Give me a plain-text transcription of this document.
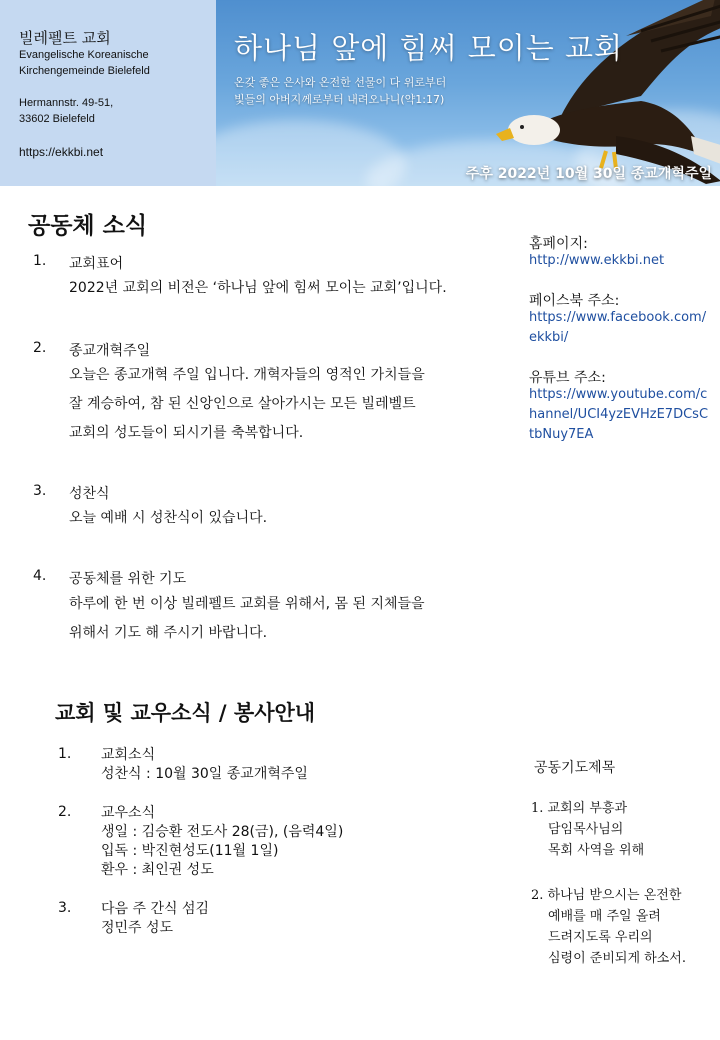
빌레펠트 교회
Evangelische Koreanische
Kirchengemeinde Bielefeld
Hermannstr. 49-51,
33602 Bielefeld
https://ekkbi.net
하나님 앞에 힘써 모이는 교회
온갖 좋은 은사와 온전한 선물이 다 위로부터
빛들의 아버지께로부터 내려오나니(약1:17)
주후 2022년 10월 30일 종교개혁주일
공동체 소식
1. 교회표어
2022년 교회의 비전은 ‘하나님 앞에 힘써 모이는 교회’입니다.
2. 종교개혁주일
오늘은 종교개혁 주일 입니다. 개혁자들의 영적인 가치들을
잘 계승하여, 참 된 신앙인으로 살아가시는 모든 빌레벨트
교회의 성도들이 되시기를 축복합니다.
3. 성찬식
오늘 예배 시 성찬식이 있습니다.
4. 공동체를 위한 기도
하루에 한 번 이상 빌레펠트 교회를 위해서, 몸 된 지체들을
위해서 기도 해 주시기 바랍니다.
홈페이지:
http://www.ekkbi.net
페이스북 주소:
https://www.facebook.com/ekkbi/
유튜브 주소:
https://www.youtube.com/channel/UCI4yzEVHzE7DCsCtbNuy7EA
교회 및 교우소식 / 봉사안내
1. 교회소식
성찬식 : 10월 30일 종교개혁주일
2. 교우소식
생일 : 김승환 전도사 28(금), (음력4일)
입독 : 박진현성도(11월 1일)
환우 : 최인권 성도
3. 다음 주 간식 섬김
정민주 성도
공동기도제목
1. 교회의 부흥과
담임목사님의
목회 사역을 위해
2. 하나님 받으시는 온전한
예배를 매 주일 올려
드려지도록 우리의
심령이 준비되게 하소서.
